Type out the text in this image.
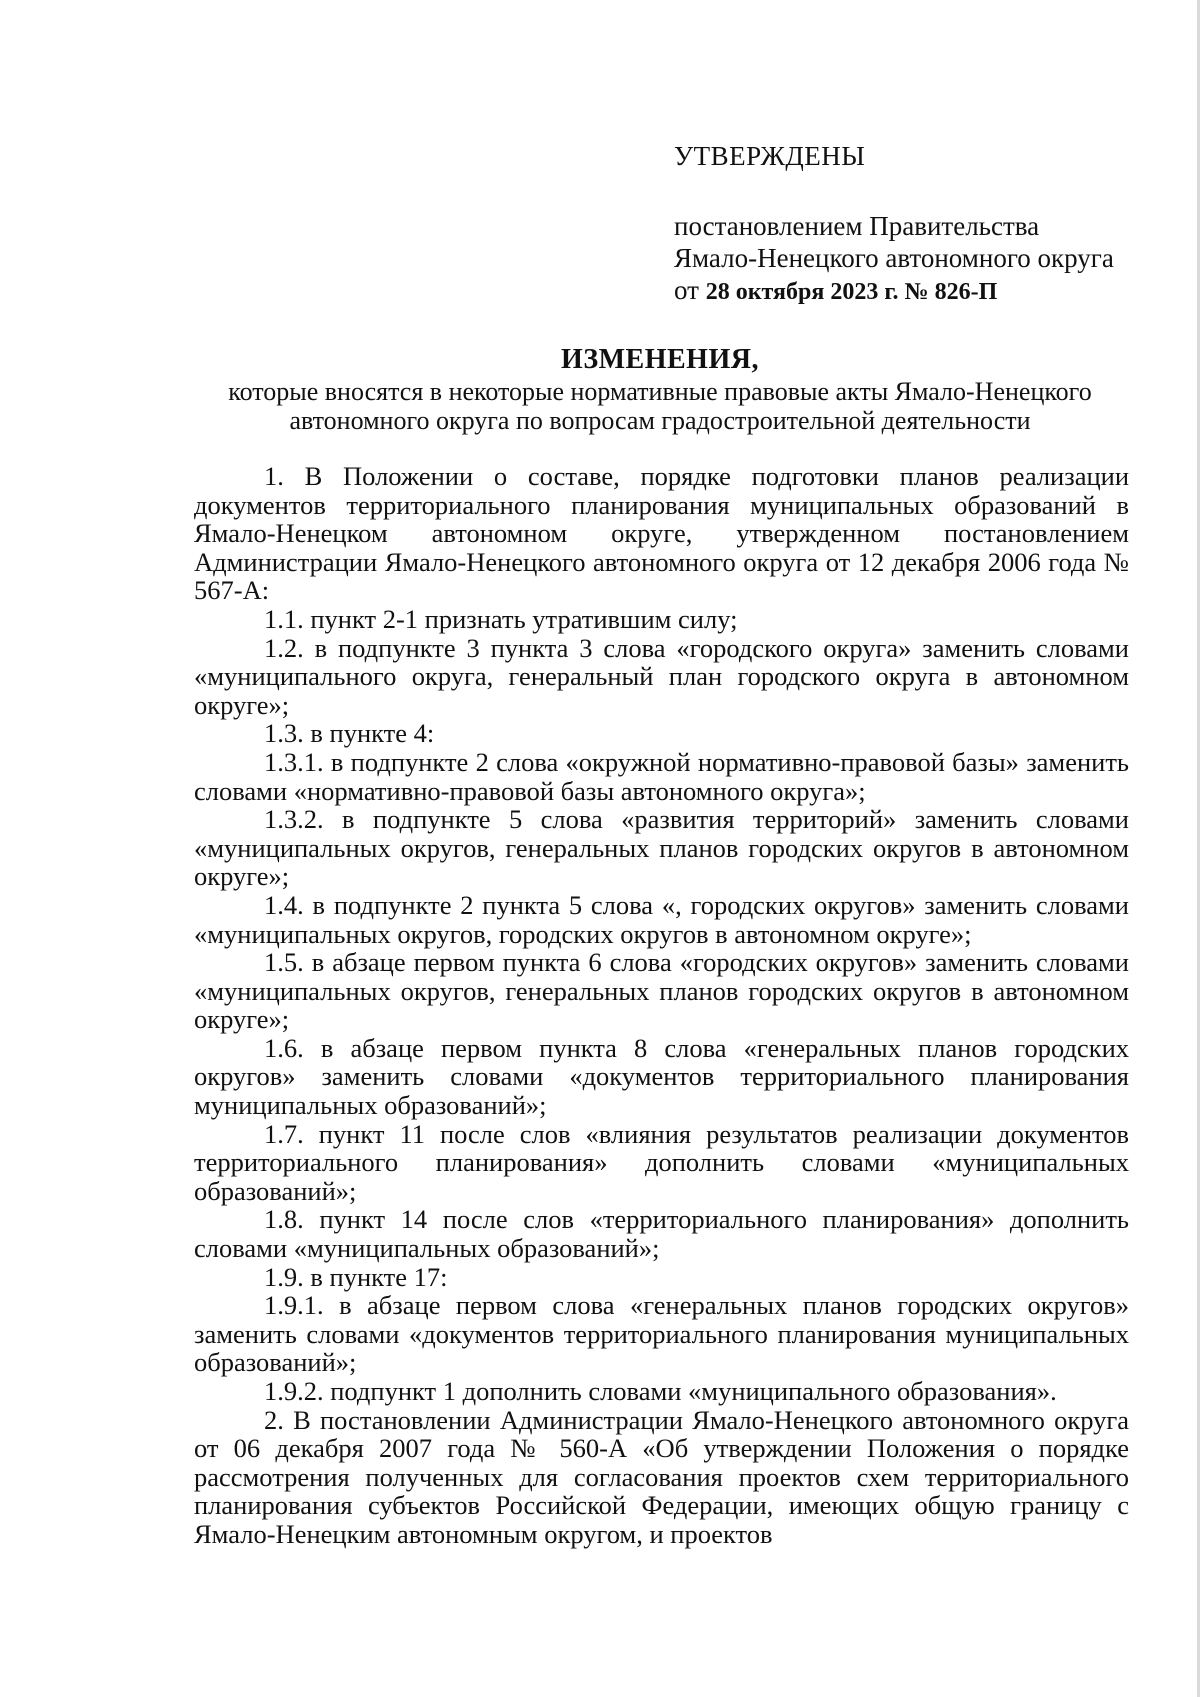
УТВЕРЖДЕНЫ

постановлением Правительства

Ямало-Ненецкого автономного округа

от 28 октября 2023 г. № 826-П

ИЗМЕНЕНИЯ,

которые вносятся в некоторые нормативные правовые акты Ямало-Ненецкого

автономного округа по вопросам градостроительной деятельности

1. В Положении о составе, порядке подготовки планов реализации документов территориального планирования муниципальных образований в Ямало-Ненецком автономном округе, утвержденном постановлением Администрации Ямало-Ненецкого автономного округа от 12 декабря 2006 года № 567-А:

1.1. пункт 2-1 признать утратившим силу;

1.2. в подпункте 3 пункта 3 слова «городского округа» заменить словами «муниципального округа, генеральный план городского округа в автономном округе»;

1.3. в пункте 4:

1.3.1. в подпункте 2 слова «окружной нормативно-правовой базы» заменить словами «нормативно-правовой базы автономного округа»;

1.3.2. в подпункте 5 слова «развития территорий» заменить словами «муниципальных округов, генеральных планов городских округов в автономном округе»;

1.4. в подпункте 2 пункта 5 слова «, городских округов» заменить словами «муниципальных округов, городских округов в автономном округе»;

1.5. в абзаце первом пункта 6 слова «городских округов» заменить словами «муниципальных округов, генеральных планов городских округов в автономном округе»;

1.6. в абзаце первом пункта 8 слова «генеральных планов городских округов» заменить словами «документов территориального планирования муниципальных образований»;

1.7. пункт 11 после слов «влияния результатов реализации документов территориального планирования» дополнить словами «муниципальных образований»;

1.8. пункт 14 после слов «территориального планирования» дополнить словами «муниципальных образований»;

1.9. в пункте 17:

1.9.1. в абзаце первом слова «генеральных планов городских округов» заменить словами «документов территориального планирования муниципальных образований»;

1.9.2. подпункт 1 дополнить словами «муниципального образования».

2. В постановлении Администрации Ямало-Ненецкого автономного округа от 06 декабря 2007 года № 560-А «Об утверждении Положения о порядке рассмотрения полученных для согласования проектов схем территориального планирования субъектов Российской Федерации, имеющих общую границу с Ямало-Ненецким автономным округом, и проектов
